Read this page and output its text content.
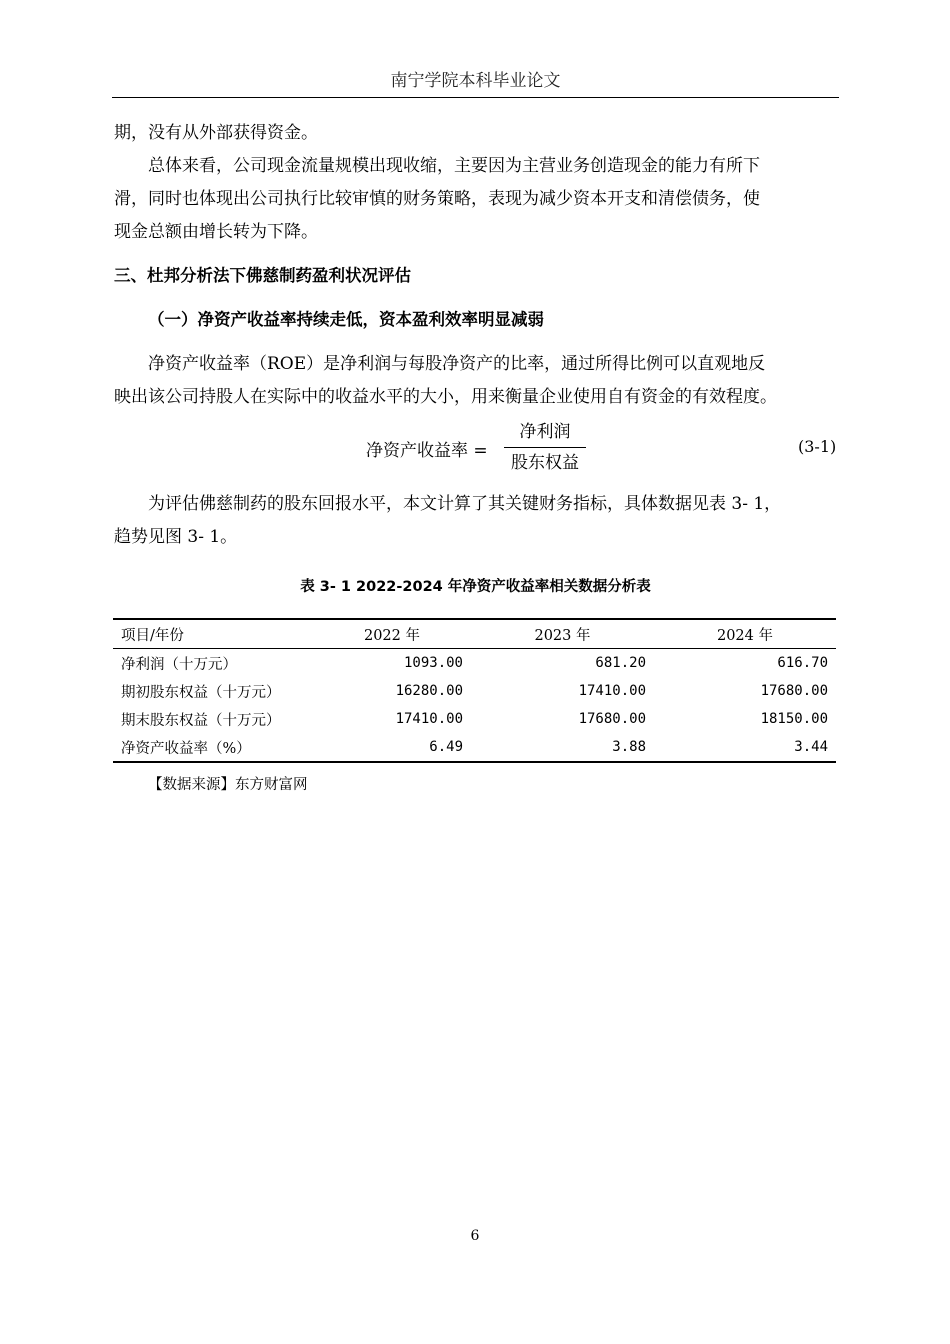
南宁学院本科毕业论文
期，没有从外部获得资金。
总体来看，公司现金流量规模出现收缩，主要因为主营业务创造现金的能力有所下
滑，同时也体现出公司执行比较审慎的财务策略，表现为减少资本开支和清偿债务，使
现金总额由增长转为下降。
三、杜邦分析法下佛慈制药盈利状况评估
（一）净资产收益率持续走低，资本盈利效率明显减弱
净资产收益率（ROE）是净利润与每股净资产的比率，通过所得比例可以直观地反
映出该公司持股人在实际中的收益水平的大小，用来衡量企业使用自有资金的有效程度。
净资产收益率 =
净利润
股东权益
(3-1)
为评估佛慈制药的股东回报水平，本文计算了其关键财务指标，具体数据见表 3- 1，
趋势见图 3- 1。
表 3- 1 2022-2024 年净资产收益率相关数据分析表
项目/年份	2022 年	2023 年	2024 年
净利润（十万元）	1093.00	681.20	616.70
期初股东权益（十万元）	16280.00	17410.00	17680.00
期末股东权益（十万元）	17410.00	17680.00	18150.00
净资产收益率（%）	6.49	3.88	3.44
【数据来源】东方财富网
6
